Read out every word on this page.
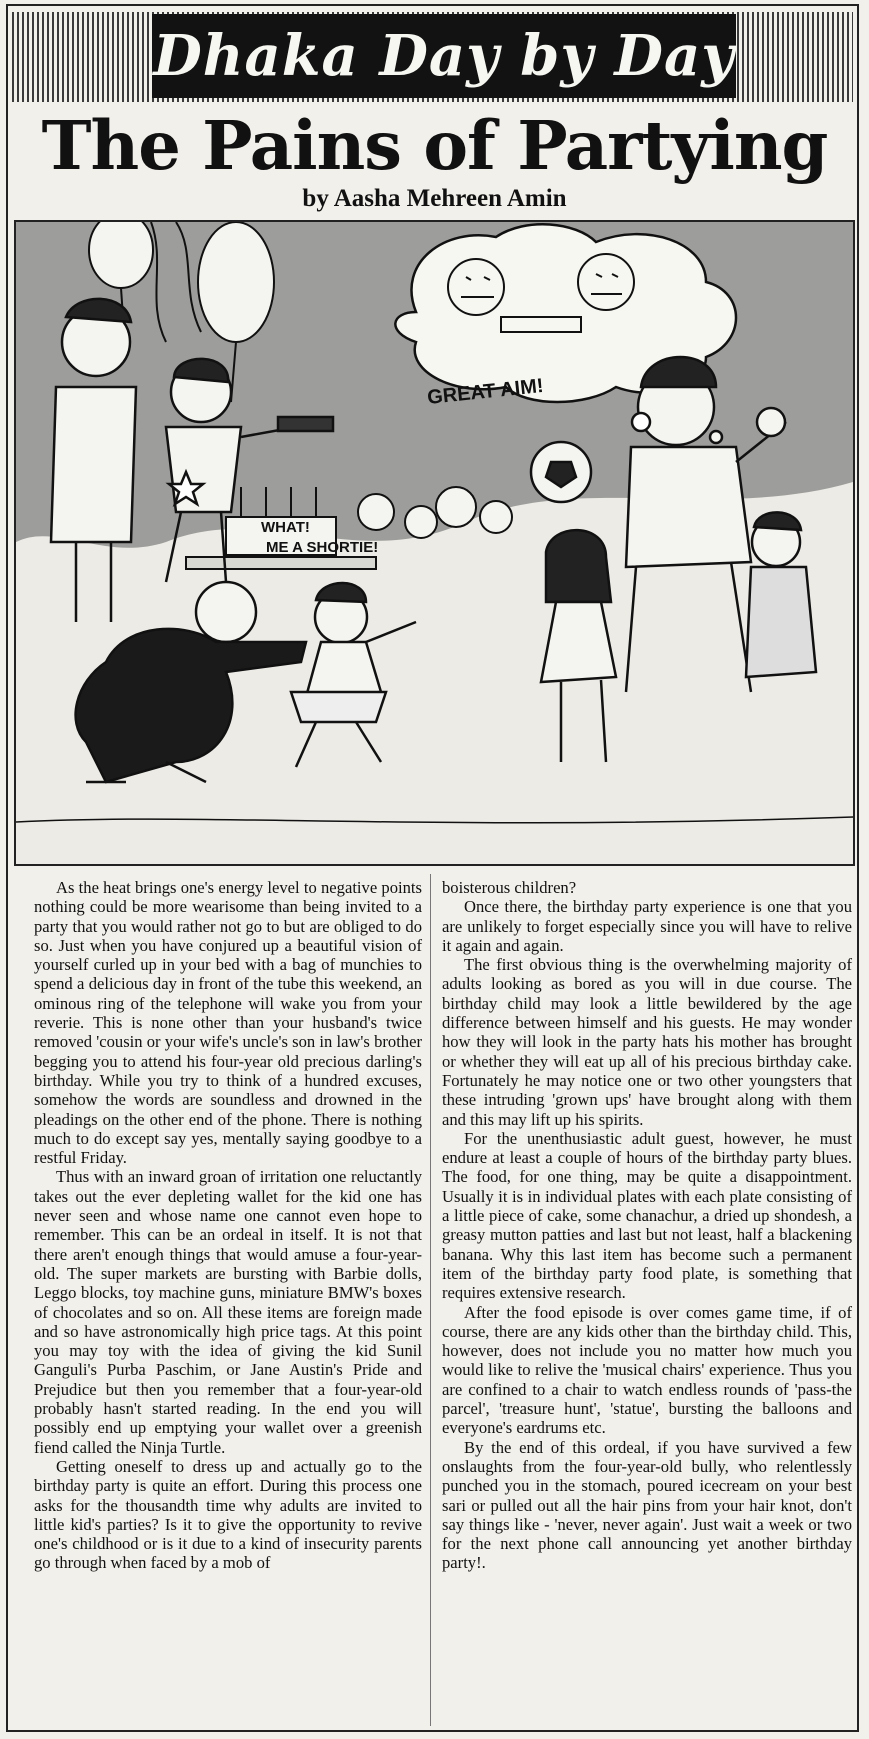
Dhaka Day by Day
The Pains of Partying
by Aasha Mehreen Amin
GREAT AIM!
WHAT!
ME A SHORTIE!

As the heat brings one's energy level to negative points nothing could be more wearisome than being invited to a party that you would rather not go to but are obliged to do so. Just when you have conjured up a beautiful vision of yourself curled up in your bed with a bag of munchies to spend a delicious day in front of the tube this weekend, an ominous ring of the telephone will wake you from your reverie. This is none other than your husband's twice removed 'cousin or your wife's uncle's son in law's brother begging you to attend his four-year old precious darling's birthday. While you try to think of a hundred excuses, somehow the words are soundless and drowned in the pleadings on the other end of the phone. There is nothing much to do except say yes, mentally saying goodbye to a restful Friday.

Thus with an inward groan of irritation one reluctantly takes out the ever depleting wallet for the kid one has never seen and whose name one cannot even hope to remember. This can be an ordeal in itself. It is not that there aren't enough things that would amuse a four-year-old. The super markets are bursting with Barbie dolls, Leggo blocks, toy machine guns, miniature BMW's boxes of chocolates and so on. All these items are foreign made and so have astronomically high price tags. At this point you may toy with the idea of giving the kid Sunil Ganguli's Purba Paschim, or Jane Austin's Pride and Prejudice but then you remember that a four-year-old probably hasn't started reading. In the end you will possibly end up emptying your wallet over a greenish fiend called the Ninja Turtle.

Getting oneself to dress up and actually go to the birthday party is quite an effort. During this process one asks for the thousandth time why adults are invited to little kid's parties? Is it to give the opportunity to revive one's childhood or is it due to a kind of insecurity parents go through when faced by a mob of

boisterous children?

Once there, the birthday party experience is one that you are unlikely to forget especially since you will have to relive it again and again.

The first obvious thing is the overwhelming majority of adults looking as bored as you will in due course. The birthday child may look a little bewildered by the age difference between himself and his guests. He may wonder how they will look in the party hats his mother has brought or whether they will eat up all of his precious birthday cake. Fortunately he may notice one or two other youngsters that these intruding 'grown ups' have brought along with them and this may lift up his spirits.

For the unenthusiastic adult guest, however, he must endure at least a couple of hours of the birthday party blues. The food, for one thing, may be quite a disappointment. Usually it is in individual plates with each plate consisting of a little piece of cake, some chanachur, a dried up shondesh, a greasy mutton patties and last but not least, half a blackening banana. Why this last item has become such a permanent item of the birthday party food plate, is something that requires extensive research.

After the food episode is over comes game time, if of course, there are any kids other than the birthday child. This, however, does not include you no matter how much you would like to relive the 'musical chairs' experience. Thus you are confined to a chair to watch endless rounds of 'pass-the parcel', 'treasure hunt', 'statue', bursting the balloons and everyone's eardrums etc.

By the end of this ordeal, if you have survived a few onslaughts from the four-year-old bully, who relentlessly punched you in the stomach, poured icecream on your best sari or pulled out all the hair pins from your hair knot, don't say things like - 'never, never again'. Just wait a week or two for the next phone call announcing yet another birthday party!.
